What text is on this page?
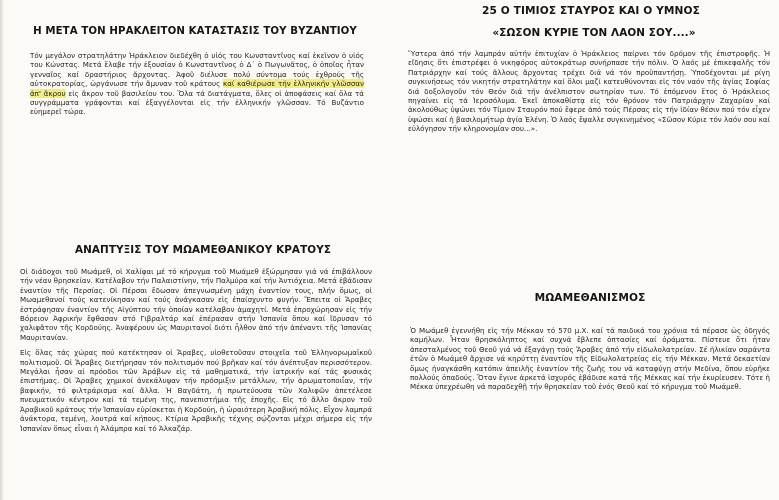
Η ΜΕΤΑ ΤΟΝ ΗΡΑΚΛΕΙΤΟΝ ΚΑΤΑΣΤΑΣΙΣ ΤΟΥ ΒΥΖΑΝΤΙΟΥ

Τόν μεγάλον στρατηλάτην Ἡράκλειον διεδέχθη ὁ υἱός του Κωνσταντῖνος καί ἐκεῖνον ὁ υἱός του Κώνστας. Μετά ἔλαβε τήν ἐξουσίαν ὁ Κωνσταντῖνος ὁ Δ΄ ὁ Πωγωνᾶτος, ὁ ὁποῖος ἦταν γενναῖος καί δραστήριος ἄρχοντας. Ἀφοῦ διέλυσε πολύ σύντομα τούς ἐχθρούς τῆς αὐτοκρατορίας, ὡργάνωσε τήν ἄμυναν τοῦ κράτους καί καθιέρωσε τήν ἑλληνικήν γλῶσσαν ἀπ' ἄκρου εἰς ἄκρον τοῦ βασιλείου του. Ὅλα τά διατάγματα, ὅλες οἱ ἀποφάσεις καί ὅλα τά συγγράμματα γράφονται καί ἐξαγγέλονται εἰς τήν ἑλληνικήν γλῶσσαν. Τό Βυζάντιο εὐημερεῖ τώρα.

25 Ο ΤΙΜΙΟΣ ΣΤΑΥΡΟΣ ΚΑΙ Ο ΥΜΝΟΣ
«ΣΩΣΟΝ ΚΥΡΙΕ ΤΟΝ ΛΑΟΝ ΣΟΥ....»

Ὕστερα ἀπό τήν λαμπράν αὐτήν ἐπιτυχίαν ὁ Ἡράκλειος παίρνει τόν δρόμον τῆς ἐπιστροφῆς. Ἡ εἴδησις ὅτι ἐπιστρέφει ὁ νικηφόρος αὐτοκράτωρ συνήρπασε τήν πόλιν. Ὁ λαός μέ ἐπικεφαλῆς τόν Πατριάρχην καί τούς ἄλλους ἄρχοντας τρέχει διά νά τόν προϋπαντήσῃ. Ὑποδέχονται μέ ρίγη συγκινήσεως τόν νικητήν στρατηλάτην καί ὅλοι μαζί κατευθύνονται εἰς τόν ναόν τῆς ἁγίας Σοφίας διά δοξολογοῦν τόν Θεόν διά τήν ἀνέλπιστον σωτηρίαν των. Τό ἑπόμενον ἔτος ὁ Ἡράκλειος πηγαίνει εἰς τά Ἱεροσόλυμα. Ἐκεῖ ἀποκαθίστᾳ εἰς τόν θρόνον τόν Πατριάρχην Ζαχαρίαν καί ἀκολούθως ὑψώνει τόν Τίμιον Σταυρόν πού ἔφερε ἀπό τούς Πέρσας εἰς τήν ἰδίαν θέσιν πού τόν εἶχεν ὑψώσει καί ἡ βασιλομήτωρ ἁγία Ἑλένη. Ὁ λαός ἔψαλλε συγκινημένος «Σῶσον Κύριε τόν λαόν σου καί εὐλόγησον τήν κληρονομίαν σου...».

ΑΝΑΠΤΥΞΙΣ ΤΟΥ ΜΩΑΜΕΘΑΝΙΚΟΥ ΚΡΑΤΟΥΣ

Οἱ διάδοχοι τοῦ Μωάμεθ, οἱ Χαλίφαι μέ τό κήρυγμα τοῦ Μωάμεθ ἐξώρμησαν γιά νά ἐπιβάλλουν τήν νέαν θρησκείαν. Κατέλαβον τήν Παλαιστίνην, τήν Παλμύρα καί τήν Ἀντιόχεια. Μετά ἐβάδισαν ἐναντίον τῆς Περσίας. Οἱ Πέρσαι ἔδωσαν ἀπεγνωσμένη μάχη ἐναντίον τους, πλήν ὅμως, οἱ Μωαμεθανοί τούς κατενίκησαν καί τούς ἀνάγκασαν εἰς ἐπαίσχυντο φυγήν. Ἔπειτα οἱ Ἄραβες ἐστράφησαν ἐναντίον τῆς Αἰγύπτου τήν ὁποίαν κατέλαβον ἀμαχητί. Μετά ἐπροχώρησαν εἰς τήν Βόρειον Ἀφρικήν ἔφθασαν στό Γιβραλτάρ καί ἐπέρασαν στήν Ἱσπανία ὅπου καί ἵδρυσαν τό χαλιφᾶτον τῆς Κορδούης. Ἀναφέρουν ὡς Μαυριτανοί διότι ἦλθον ἀπό τήν ἀπέναντι τῆς Ἱσπανίας Μαυριτανίαν.

Εἰς ὅλας τάς χώρας πού κατέκτησαν οἱ Ἄραβες, υἱοθετοῦσαν στοιχεῖα τοῦ Ἑλληνορωμαϊκοῦ πολιτισμοῦ. Οἱ Ἄραβες διετήρησαν τόν πολιτισμόν πού βρῆκαν καί τόν ἀνέπτυξαν περισσότερον. Μεγάλαι ἦσαν αἱ πρόοδοι τῶν Ἀράβων εἰς τά μαθηματικά, τήν ἰατρικήν καί τάς φυσικάς ἐπιστήμας. Οἱ Ἄραβες χημικοί ἀνεκάλυψαν τήν πρόσμιξιν μετάλλων, τήν ἀρωματοποιΐαν, τήν βαφικήν, τό φιλτράρισμα καί ἄλλα. Ἡ Βαγδάτη, ἡ πρωτεύουσα τῶν Χαλιφῶν ἀπετέλεσε πνευματικόν κέντρον καί τά τεμένη της, πανεπιστήμια τῆς ἐποχῆς. Εἰς τό ἄλλο ἄκρον τοῦ Ἀραβικοῦ κράτους τήν Ἱσπανίαν εὑρίσκεται ἡ Κορδούη, ἡ ὡραιότερη Ἀραβική πόλις. Εἶχον λαμπρά ἀνάκτορα, τεμένη, λουτρά καί κήπους. Κτίρια Ἀραβικῆς τέχνης σῴζονται μέχρι σήμερα εἰς τήν Ἱσπανίαν ὅπως εἶναι ἡ Ἀλάμπρα καί τό Ἀλκαζάρ.

ΜΩΑΜΕΘΑΝΙΣΜΟΣ

Ὁ Μωάμεθ ἐγεννήθη εἰς τήν Μέκκαν τό 570 μ.Χ. καί τά παιδικά του χρόνια τά πέρασε ὡς ὁδηγός καμήλων. Ἦταν θρησκόληπτος καί συχνά ἔβλεπε ὀπτασίες καί ὁράματα. Πίστευε ὅτι ἦταν ἀπεσταλμένος τοῦ Θεοῦ γιά νά ἐξαγάγῃ τούς Ἄραβες ἀπό τήν εἰδωλολατρείαν. Σέ ἡλικίαν σαράντα ἐτῶν ὁ Μωάμεθ ἄρχισε νά κηρύττῃ ἐναντίον τῆς Εἰδωλολατρείας εἰς τήν Μέκκαν. Μετά δεκαετίαν ὅμως ἠναγκάσθη κατόπιν ἀπειλῆς ἐναντίον τῆς ζωῆς του νά καταφύγῃ στήν Μεδίνα, ὅπου εὑρῆκε πολλούς ὀπαδούς. Ὅταν ἔγινε ἀρκετά ἰσχυρός ἐβάδισε κατά τῆς Μέκκας καί τήν ἐκυρίευσεν. Τότε ἡ Μέκκα ὑπεχρέωθη νά παραδεχθῇ τήν θρησκείαν τοῦ ἑνός Θεοῦ καί τό κήρυγμα τοῦ Μωάμεθ.
